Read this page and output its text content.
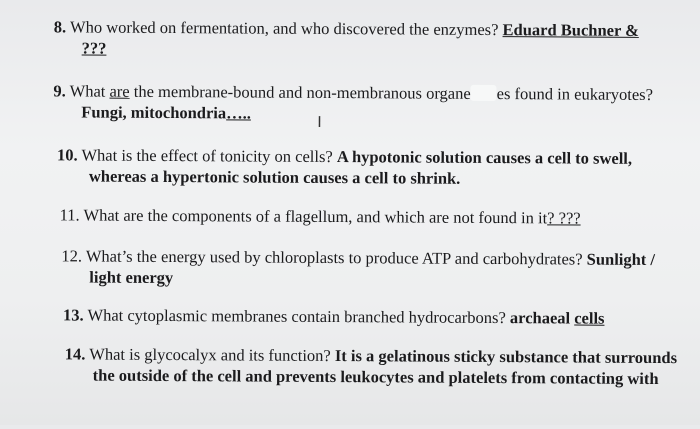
8. Who worked on fermentation, and who discovered the enzymes? Eduard Buchner &
???
9. What are the membrane-bound and non-membranous organe es found in eukaryotes?
Fungi, mitochondria…..	I
10. What is the effect of tonicity on cells? A hypotonic solution causes a cell to swell,
whereas a hypertonic solution causes a cell to shrink.
11. What are the components of a flagellum, and which are not found in it? ???
12. What’s the energy used by chloroplasts to produce ATP and carbohydrates? Sunlight /
light energy
13. What cytoplasmic membranes contain branched hydrocarbons? archaeal cells
14. What is glycocalyx and its function? It is a gelatinous sticky substance that surrounds
the outside of the cell and prevents leukocytes and platelets from contacting with
